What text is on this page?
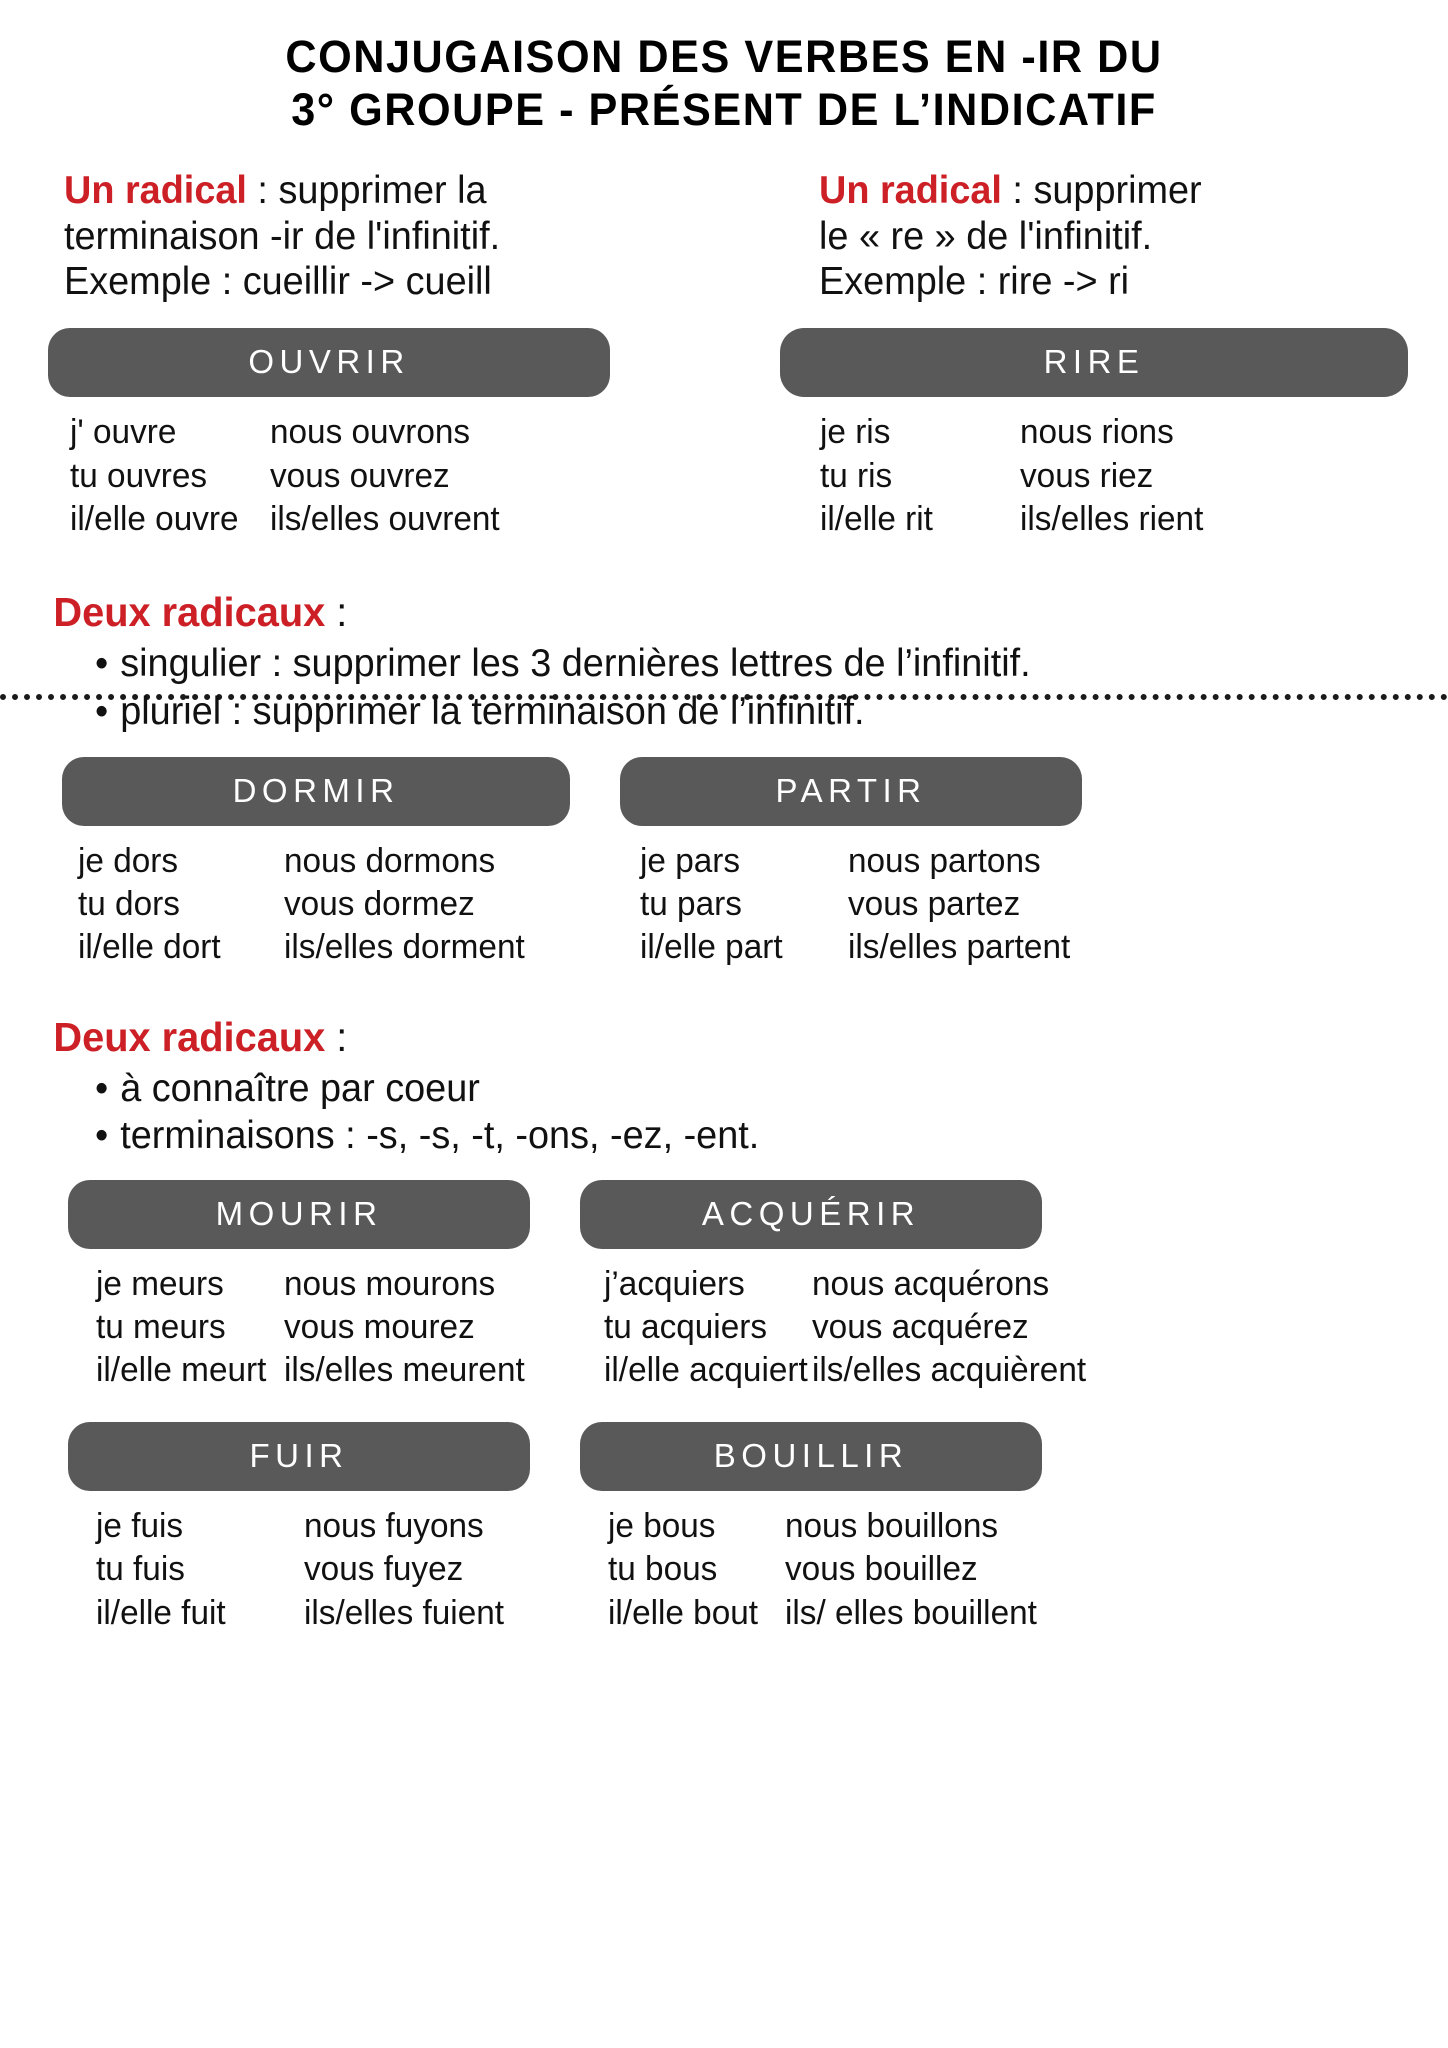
CONJUGAISON DES VERBES EN -IR DU
3° GROUPE - PRÉSENT DE L’INDICATIF
Un radical : supprimer la
terminaison -ir de l'infinitif.
Exemple : cueillir -> cueill
Un radical : supprimer
le « re » de l'infinitif.
Exemple : rire -> ri
OUVRIR
j' ouvre
tu ouvres
il/elle ouvre
nous ouvrons
vous ouvrez
ils/elles ouvrent
RIRE
je ris
tu ris
il/elle rit
nous rions
vous riez
ils/elles rient
Deux radicaux :
• singulier : supprimer les 3 dernières lettres de l’infinitif.
• pluriel : supprimer la terminaison de l’infinitif.
DORMIR
je dors
tu dors
il/elle dort
nous dormons
vous dormez
ils/elles dorment
PARTIR
je pars
tu pars
il/elle part
nous partons
vous partez
ils/elles partent
Deux radicaux :
• à connaître par coeur
• terminaisons : -s, -s, -t, -ons, -ez, -ent.
MOURIR
je meurs
tu meurs
il/elle meurt
nous mourons
vous mourez
ils/elles meurent
ACQUÉRIR
j’acquiers
tu acquiers
il/elle acquiert
nous acquérons
vous acquérez
ils/elles acquièrent
FUIR
je fuis
tu fuis
il/elle fuit
nous fuyons
vous fuyez
ils/elles fuient
BOUILLIR
je bous
tu bous
il/elle bout
nous bouillons
vous bouillez
ils/ elles bouillent
